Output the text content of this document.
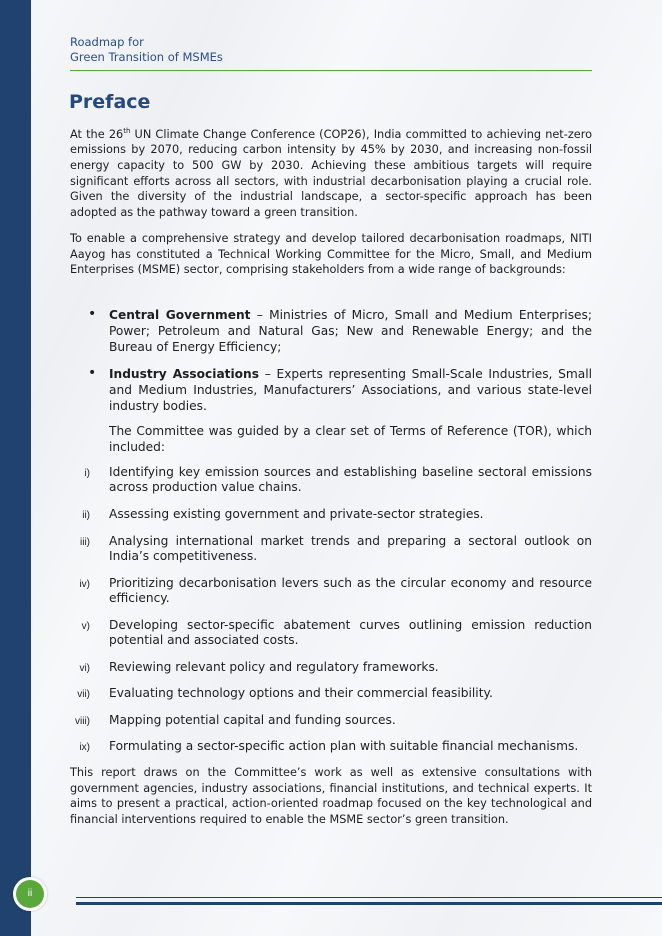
Roadmap for
Green Transition of MSMEs
Preface

At the 26th UN Climate Change Conference (COP26), India committed to achieving net-zero emissions by 2070, reducing carbon intensity by 45% by 2030, and increasing non-fossil energy capacity to 500 GW by 2030. Achieving these ambitious targets will require significant efforts across all sectors, with industrial decarbonisation playing a crucial role. Given the diversity of the industrial landscape, a sector-specific approach has been adopted as the pathway toward a green transition.

To enable a comprehensive strategy and develop tailored decarbonisation roadmaps, NITI Aayog has constituted a Technical Working Committee for the Micro, Small, and Medium Enterprises (MSME) sector, comprising stakeholders from a wide range of backgrounds:

• Central Government – Ministries of Micro, Small and Medium Enterprises; Power; Petroleum and Natural Gas; New and Renewable Energy; and the Bureau of Energy Efficiency;
• Industry Associations – Experts representing Small-Scale Industries, Small and Medium Industries, Manufacturers’ Associations, and various state-level industry bodies.

The Committee was guided by a clear set of Terms of Reference (TOR), which included:

i) Identifying key emission sources and establishing baseline sectoral emissions across production value chains.
ii) Assessing existing government and private-sector strategies.
iii) Analysing international market trends and preparing a sectoral outlook on India’s competitiveness.
iv) Prioritizing decarbonisation levers such as the circular economy and resource efficiency.
v) Developing sector-specific abatement curves outlining emission reduction potential and associated costs.
vi) Reviewing relevant policy and regulatory frameworks.
vii) Evaluating technology options and their commercial feasibility.
viii) Mapping potential capital and funding sources.
ix) Formulating a sector-specific action plan with suitable financial mechanisms.

This report draws on the Committee’s work as well as extensive consultations with government agencies, industry associations, financial institutions, and technical experts. It aims to present a practical, action-oriented roadmap focused on the key technological and financial interventions required to enable the MSME sector’s green transition.

ii
